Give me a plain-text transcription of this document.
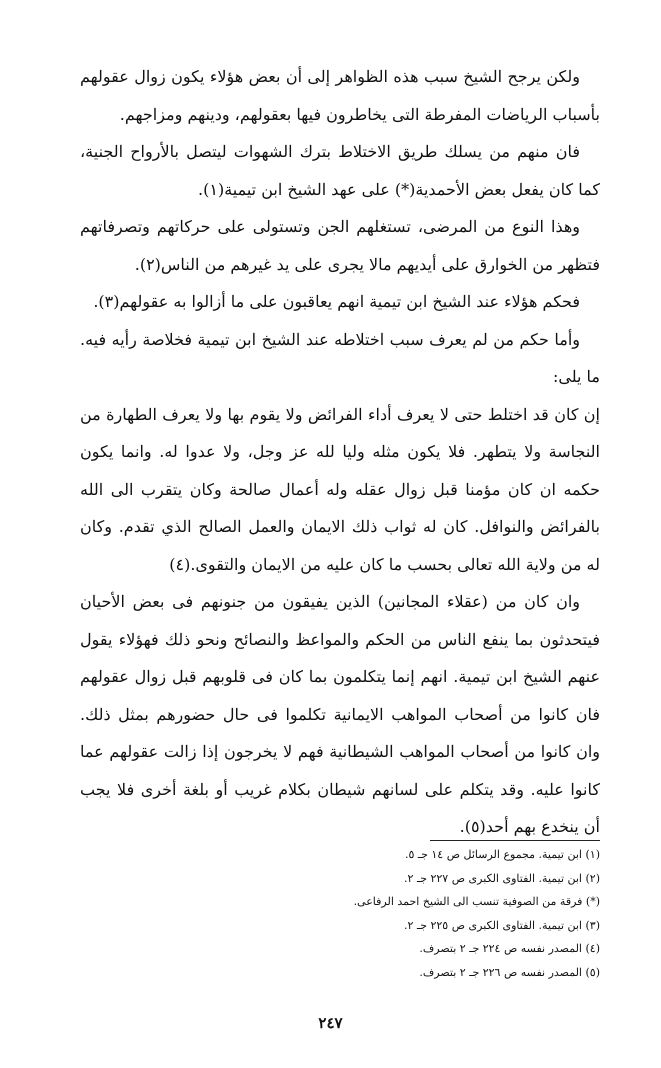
ولكن يرجح الشيخ سبب هذه الظواهر إلى أن بعض هؤلاء يكون زوال عقولهم بأسباب الرياضات المفرطة التى يخاطرون فيها بعقولهم، ودينهم ومزاجهم.

فان منهم من يسلك طريق الاختلاط بترك الشهوات ليتصل بالأرواح الجنية، كما كان يفعل بعض الأحمدية(*) على عهد الشيخ ابن تيمية(١).

وهذا النوع من المرضى، تستغلهم الجن وتستولى على حركاتهم وتصرفاتهم فتظهر من الخوارق على أيديهم مالا يجرى على يد غيرهم من الناس(٢).

فحكم هؤلاء عند الشيخ ابن تيمية انهم يعاقبون على ما أزالوا به عقولهم(٣).

وأما حكم من لم يعرف سبب اختلاطه عند الشيخ ابن تيمية فخلاصة رأيه فيه. ما يلى:

إن كان قد اختلط حتى لا يعرف أداء الفرائض ولا يقوم بها ولا يعرف الطهارة من النجاسة ولا يتطهر. فلا يكون مثله وليا لله عز وجل، ولا عدوا له. وانما يكون حكمه ان كان مؤمنا قبل زوال عقله وله أعمال صالحة وكان يتقرب الى الله بالفرائض والنوافل. كان له ثواب ذلك الايمان والعمل الصالح الذي تقدم. وكان له من ولاية الله تعالى بحسب ما كان عليه من الايمان والتقوى.(٤)

وان كان من (عقلاء المجانين) الذين يفيقون من جنونهم فى بعض الأحيان فيتحدثون بما ينفع الناس من الحكم والمواعظ والنصائح ونحو ذلك فهؤلاء يقول عنهم الشيخ ابن تيمية. انهم إنما يتكلمون بما كان فى قلوبهم قبل زوال عقولهم فان كانوا من أصحاب المواهب الايمانية تكلموا فى حال حضورهم بمثل ذلك. وان كانوا من أصحاب المواهب الشيطانية فهم لا يخرجون إذا زالت عقولهم عما كانوا عليه. وقد يتكلم على لسانهم شيطان بكلام غريب أو بلغة أخرى فلا يجب أن ينخدع بهم أحد(٥).

(١) ابن تيمية. مجموع الرسائل ص ١٤ جـ ٥.
(٢) ابن تيمية. الفتاوى الكبرى ص ٢٢٧ جـ ٢.
(*) فرقة من الصوفية تنسب الى الشيخ احمد الرفاعى.
(٣) ابن تيمية. الفتاوى الكبرى ص ٢٢٥ جـ ٢.
(٤) المصدر نفسه ص ٢٢٤ جـ ٢ بتصرف.
(٥) المصدر نفسه ص ٢٢٦ جـ ٢ بتصرف.
٢٤٧
